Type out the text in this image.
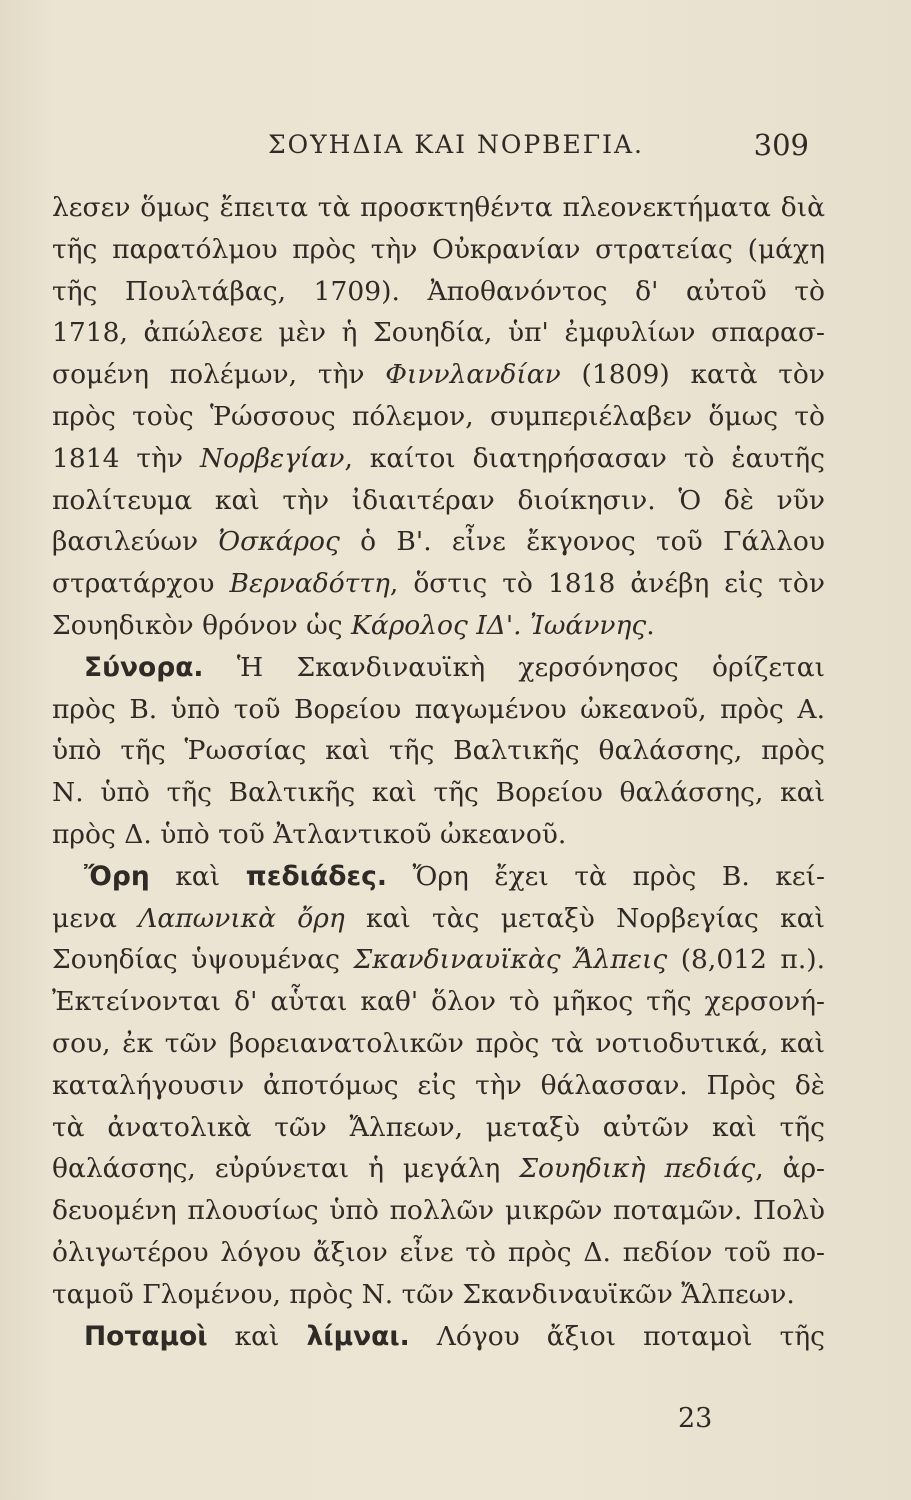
ΣΟΥΗΔΙΑ ΚΑΙ ΝΟΡΒΕΓΙΑ.	309
λεσεν ὅμως ἔπειτα τὰ προσκτηθέντα πλεονεκτήματα διὰ
τῆς παρατόλμου πρὸς τὴν Οὐκρανίαν στρατείας (μάχη
τῆς Πουλτάβας, 1709). Ἀποθανόντος δ' αὐτοῦ τὸ
1718, ἀπώλεσε μὲν ἡ Σουηδία, ὑπ' ἐμφυλίων σπαρασ-
σομένη πολέμων, τὴν Φιννλανδίαν (1809) κατὰ τὸν
πρὸς τοὺς Ῥώσσους πόλεμον, συμπεριέλαβεν ὅμως τὸ
1814 τὴν Νορβεγίαν, καίτοι διατηρήσασαν τὸ ἑαυτῆς
πολίτευμα καὶ τὴν ἰδιαιτέραν διοίκησιν. Ὁ δὲ νῦν
βασιλεύων Ὀσκάρος ὁ Β'. εἶνε ἔκγονος τοῦ Γάλλου
στρατάρχου Βερναδόττη, ὅστις τὸ 1818 ἀνέβη εἰς τὸν
Σουηδικὸν θρόνον ὡς Κάρολος ΙΔ'. Ἰωάννης.
Σύνορα. Ἡ Σκανδιναυϊκὴ χερσόνησος ὁρίζεται
πρὸς Β. ὑπὸ τοῦ Βορείου παγωμένου ὠκεανοῦ, πρὸς Α.
ὑπὸ τῆς Ῥωσσίας καὶ τῆς Βαλτικῆς θαλάσσης, πρὸς
Ν. ὑπὸ τῆς Βαλτικῆς καὶ τῆς Βορείου θαλάσσης, καὶ
πρὸς Δ. ὑπὸ τοῦ Ἀτλαντικοῦ ὠκεανοῦ.
Ὄρη καὶ πεδιάδες. Ὄρη ἔχει τὰ πρὸς Β. κεί-
μενα Λαπωνικὰ ὄρη καὶ τὰς μεταξὺ Νορβεγίας καὶ
Σουηδίας ὑψουμένας Σκανδιναυϊκὰς Ἄλπεις (8,012 π.).
Ἐκτείνονται δ' αὗται καθ' ὅλον τὸ μῆκος τῆς χερσονή-
σου, ἐκ τῶν βορειανατολικῶν πρὸς τὰ νοτιοδυτικά, καὶ
καταλήγουσιν ἀποτόμως εἰς τὴν θάλασσαν. Πρὸς δὲ
τὰ ἀνατολικὰ τῶν Ἄλπεων, μεταξὺ αὐτῶν καὶ τῆς
θαλάσσης, εὐρύνεται ἡ μεγάλη Σουηδικὴ πεδιάς, ἀρ-
δευομένη πλουσίως ὑπὸ πολλῶν μικρῶν ποταμῶν. Πολὺ
ὀλιγωτέρου λόγου ἄξιον εἶνε τὸ πρὸς Δ. πεδίον τοῦ πο-
ταμοῦ Γλομένου, πρὸς Ν. τῶν Σκανδιναυϊκῶν Ἄλπεων.
Ποταμοὶ καὶ λίμναι. Λόγου ἄξιοι ποταμοὶ τῆς
23
